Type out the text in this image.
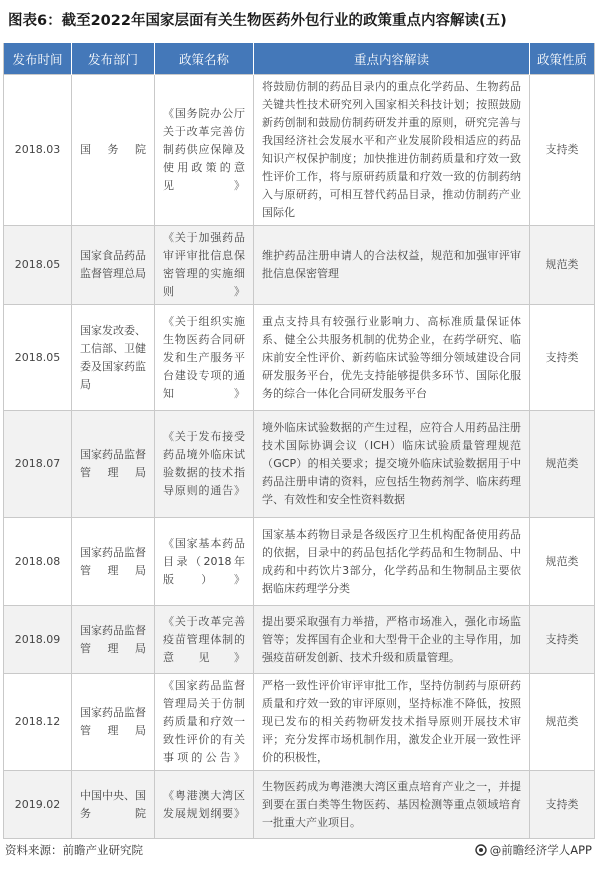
图表6：截至2022年国家层面有关生物医药外包行业的政策重点内容解读(五)
发布时间	发布部门	政策名称	重点内容解读	政策性质
2018.03	国务院	《国务院办公厅关于改革完善仿制药供应保障及使用政策的意见》	将鼓励仿制的药品目录内的重点化学药品、生物药品关键共性技术研究列入国家相关科技计划；按照鼓励新药创制和鼓励仿制药研发并重的原则，研究完善与我国经济社会发展水平和产业发展阶段相适应的药品知识产权保护制度；加快推进仿制药质量和疗效一致性评价工作，将与原研药质量和疗效一致的仿制药纳入与原研药，可相互替代药品目录，推动仿制药产业国际化	支持类
2018.05	国家食品药品监督管理总局	《关于加强药品审评审批信息保密管理的实施细则》	维护药品注册申请人的合法权益，规范和加强审评审批信息保密管理	规范类
2018.05	国家发改委、工信部、卫健委及国家药监局	《关于组织实施生物医药合同研发和生产服务平台建设专项的通知》	重点支持具有较强行业影响力、高标准质量保证体系、健全公共服务机制的优势企业，在药学研究、临床前安全性评价、新药临床试验等细分领域建设合同研发服务平台，优先支持能够提供多环节、国际化服务的综合一体化合同研发服务平台	支持类
2018.07	国家药品监督管理局	《关于发布接受药品境外临床试验数据的技术指导原则的通告》	境外临床试验数据的产生过程，应符合人用药品注册技术国际协调会议（ICH）临床试验质量管理规范（GCP）的相关要求；提交境外临床试验数据用于中药品注册申请的资料，应包括生物药剂学、临床药理学、有效性和安全性资料数据	规范类
2018.08	国家药品监督管理局	《国家基本药品目录（2018年版）》	国家基本药物目录是各级医疗卫生机构配备使用药品的依据，目录中的药品包括化学药品和生物制品、中成药和中药饮片3部分，化学药品和生物制品主要依据临床药理学分类	规范类
2018.09	国家药品监督管理局	《关于改革完善疫苗管理体制的意见》	提出要采取强有力举措，严格市场准入，强化市场监管等；发挥国有企业和大型骨干企业的主导作用，加强疫苗研发创新、技术升级和质量管理。	支持类
2018.12	国家药品监督管理局	《国家药品监督管理局关于仿制药质量和疗效一致性评价的有关事项的公告》	严格一致性评价审评审批工作，坚持仿制药与原研药质量和疗效一致的审评原则，坚持标准不降低，按照现已发布的相关药物研发技术指导原则开展技术审评；充分发挥市场机制作用，激发企业开展一致性评价的积极性，	规范类
2019.02	中国中央、国务院	《粤港澳大湾区发展规划纲要》	生物医药成为粤港澳大湾区重点培育产业之一，并提到要在蛋白类等生物医药、基因检测等重点领域培育一批重大产业项目。	支持类
资料来源：前瞻产业研究院	@前瞻经济学人APP
